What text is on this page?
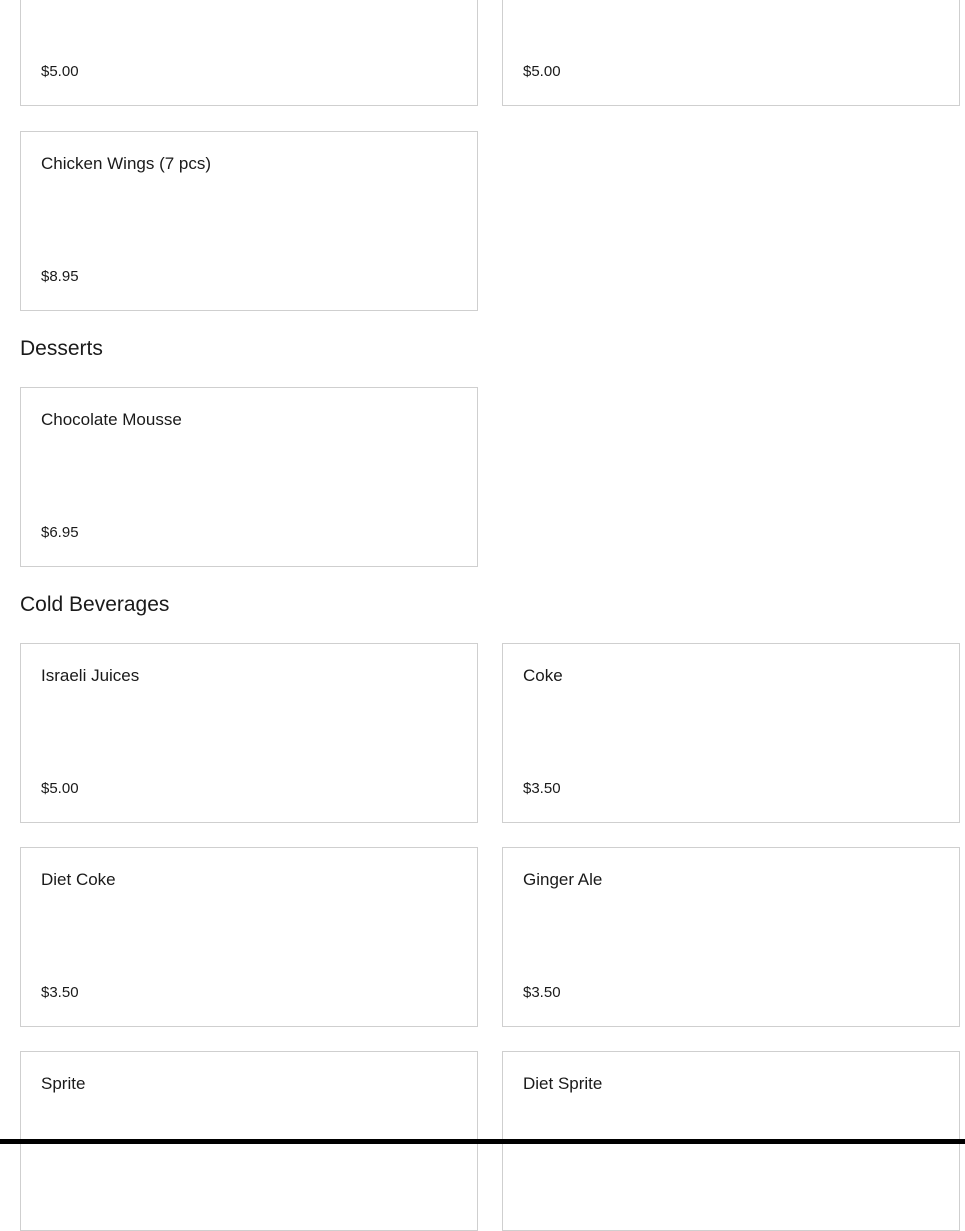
$5.00	$5.00
Chicken Wings (7 pcs)
$8.95
Desserts
Chocolate Mousse
$6.95
Cold Beverages
Israeli Juices
$5.00
Coke
$3.50
Diet Coke
$3.50
Ginger Ale
$3.50
Sprite	Diet Sprite
